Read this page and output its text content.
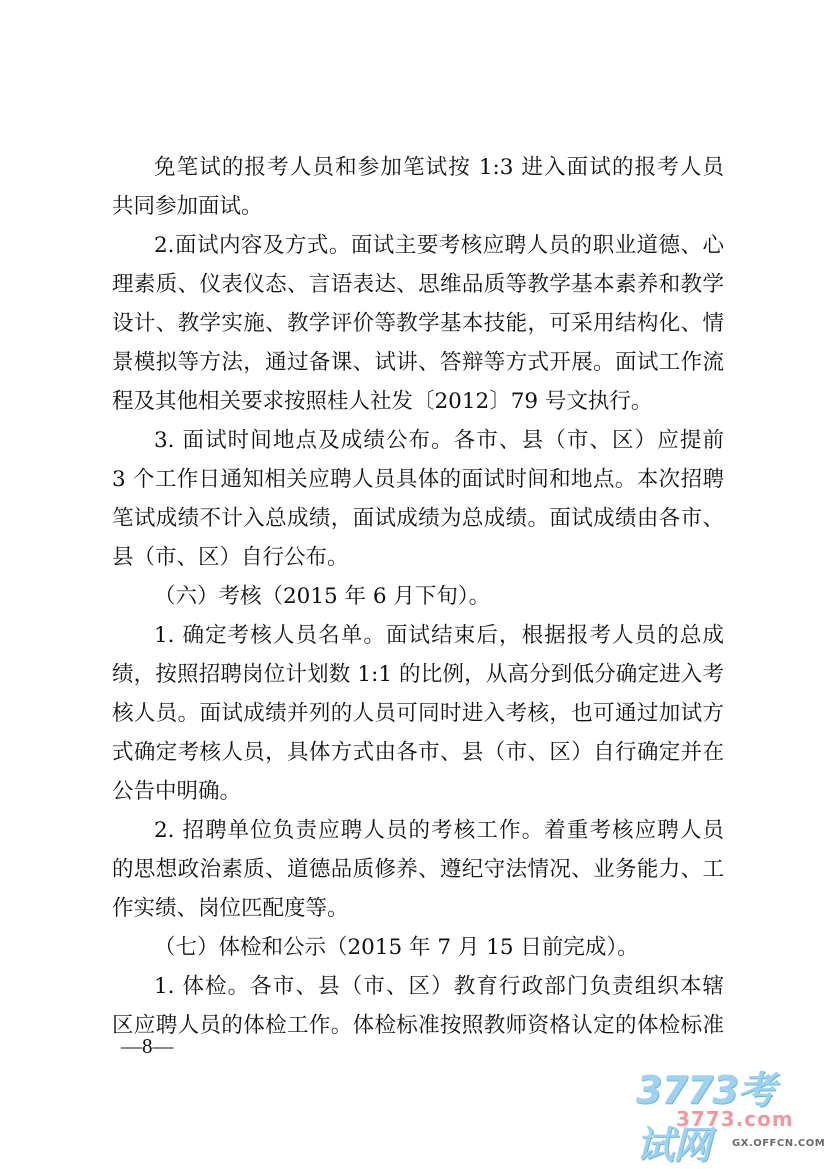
免笔试的报考人员和参加笔试按 1:3 进入面试的报考人员
共同参加面试。
2.面试内容及方式。面试主要考核应聘人员的职业道德、心
理素质、仪表仪态、言语表达、思维品质等教学基本素养和教学
设计、教学实施、教学评价等教学基本技能，可采用结构化、情
景模拟等方法，通过备课、试讲、答辩等方式开展。面试工作流
程及其他相关要求按照桂人社发〔2012〕79 号文执行。
3. 面试时间地点及成绩公布。各市、县（市、区）应提前
3 个工作日通知相关应聘人员具体的面试时间和地点。本次招聘
笔试成绩不计入总成绩，面试成绩为总成绩。面试成绩由各市、
县（市、区）自行公布。
（六）考核（2015 年 6 月下旬）。
1. 确定考核人员名单。面试结束后，根据报考人员的总成
绩，按照招聘岗位计划数 1:1 的比例，从高分到低分确定进入考
核人员。面试成绩并列的人员可同时进入考核，也可通过加试方
式确定考核人员，具体方式由各市、县（市、区）自行确定并在
公告中明确。
2. 招聘单位负责应聘人员的考核工作。着重考核应聘人员
的思想政治素质、道德品质修养、遵纪守法情况、业务能力、工
作实绩、岗位匹配度等。
（七）体检和公示（2015 年 7 月 15 日前完成）。
1. 体检。各市、县（市、区）教育行政部门负责组织本辖
区应聘人员的体检工作。体检标准按照教师资格认定的体检标准
—8—
3773考试网
3773.com
GX.OFFCN.COM
